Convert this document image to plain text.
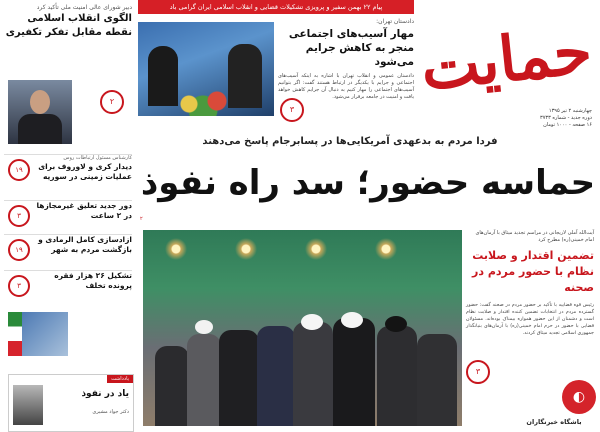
حمایت
چهارشنبه ۲ تیر ۱۳۹۵
دوره جدید - شماره ۳۷۳۳
۱۶ صفحه - ۱۰۰۰ تومان
پیام ۲۲ بهمن سفیر و پرویزی تشکیلات قضایی و انقلاب اسلامی ایران گرامی باد
دادستان تهران:
مهار آسیب‌های اجتماعی منجر به کاهش جرایم می‌شود
دادستان عمومی و انقلاب تهران با اشاره به اینکه آسیب‌های اجتماعی و جرایم با یکدیگر در ارتباط هستند گفت: اگر بتوانیم آسیب‌های اجتماعی را مهار کنیم به دنبال آن جرایم کاهش خواهد یافت و امنیت در جامعه برقرار می‌شود.
۳
دبیر شورای عالی امنیت ملی تأکید کرد
الگوی انقلاب اسلامی نقطه مقابل تفکر تکفیری
۲
کارشناس مسئول ارتباطات روس
دیدار کری و لاوروف برای عملیات زمینی در سوریه
۱۹
دور جدید تعلیق غیرمجازها در ۲ ساعت
۳
ازادسازی کامل الرمادی و بازگشت مردم به شهر
۱۹
تشکیل ۲۶ هزار فقره پرونده تخلف
۳
یادداشت
یاد در نفوذ
دکتر جواد مشیری
فردا مردم به بدعهدی آمریکایی‌ها در پسابرجام پاسخ می‌دهند
حماسه حضور؛ سد راه نفوذ
۲
آیت‌الله آملی لاریجانی در مراسم تجدید میثاق با آرمان‌های امام خمینی(ره) مطرح کرد
تضمین اقتدار و صلابت نظام با حضور مردم در صحنه
رئیس قوه قضاییه با تأکید بر حضور مردم در صحنه گفت: حضور گسترده مردم در انتخابات تضمین کننده اقتدار و صلابت نظام است و دشمنان از این حضور همواره بیمناک بوده‌اند. مسئولان قضایی با حضور در حرم امام خمینی(ره) با آرمان‌های بنیانگذار جمهوری اسلامی تجدید میثاق کردند.
۳
◐
باشگاه خبرنگاران
